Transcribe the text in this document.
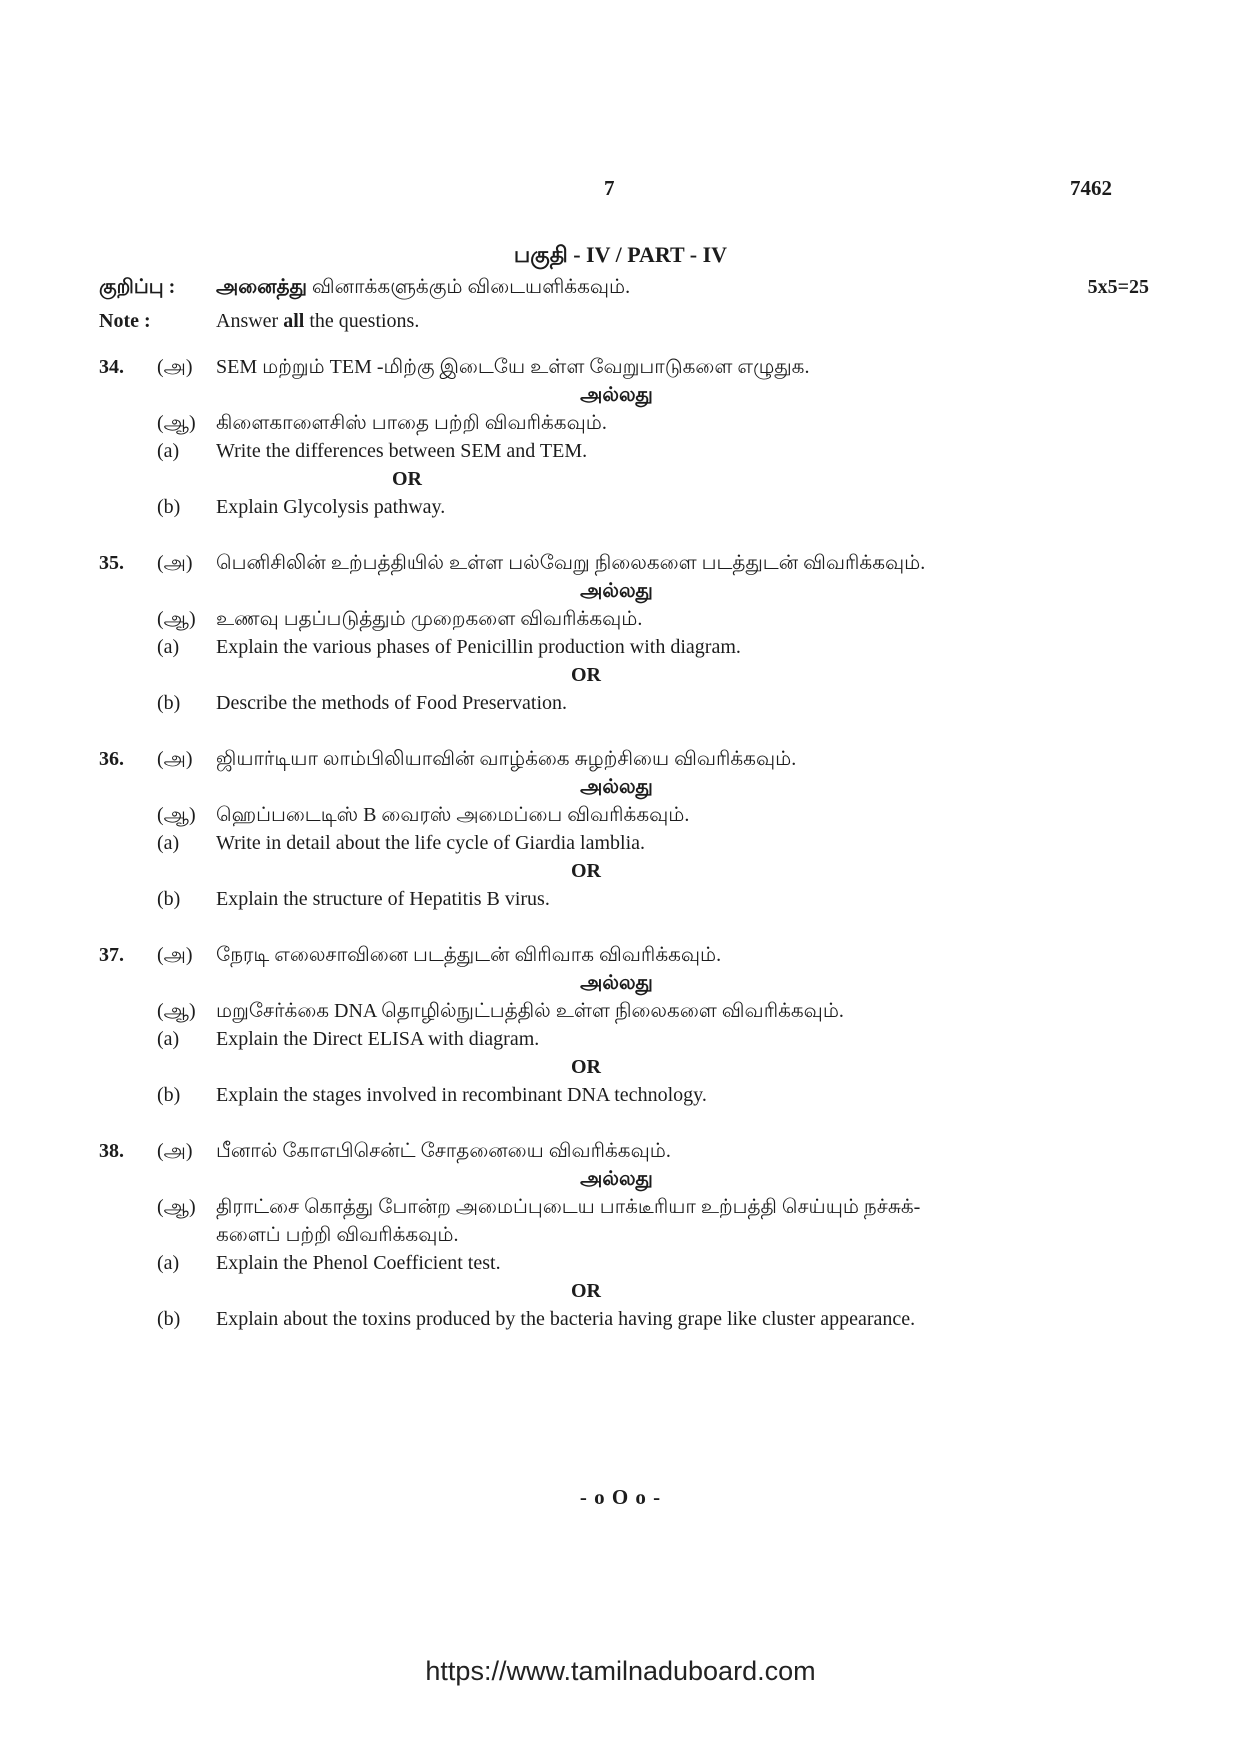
7	7462
பகுதி - IV / PART - IV
குறிப்பு : அனைத்து வினாக்களுக்கும் விடையளிக்கவும்.	5x5=25
Note :	Answer all the questions.
34. (அ) SEM மற்றும் TEM -மிற்கு இடையே உள்ள வேறுபாடுகளை எழுதுக.
அல்லது
(ஆ) கிளைகாளைசிஸ் பாதை பற்றி விவரிக்கவும்.
(a) Write the differences between SEM and TEM.
OR
(b) Explain Glycolysis pathway.
35. (அ) பெனிசிலின் உற்பத்தியில் உள்ள பல்வேறு நிலைகளை படத்துடன் விவரிக்கவும்.
அல்லது
(ஆ) உணவு பதப்படுத்தும் முறைகளை விவரிக்கவும்.
(a) Explain the various phases of Penicillin production with diagram.
OR
(b) Describe the methods of Food Preservation.
36. (அ) ஜியார்டியா லாம்பிலியாவின் வாழ்க்கை சுழற்சியை விவரிக்கவும்.
அல்லது
(ஆ) ஹெப்படைடிஸ் B வைரஸ் அமைப்பை விவரிக்கவும்.
(a) Write in detail about the life cycle of Giardia lamblia.
OR
(b) Explain the structure of Hepatitis B virus.
37. (அ) நேரடி எலைசாவினை படத்துடன் விரிவாக விவரிக்கவும்.
அல்லது
(ஆ) மறுசேர்க்கை DNA தொழில்நுட்பத்தில் உள்ள நிலைகளை விவரிக்கவும்.
(a) Explain the Direct ELISA with diagram.
OR
(b) Explain the stages involved in recombinant DNA technology.
38. (அ) பீனால் கோஎபிசென்ட் சோதனையை விவரிக்கவும்.
அல்லது
(ஆ) திராட்சை கொத்து போன்ற அமைப்புடைய பாக்டீரியா உற்பத்தி செய்யும் நச்சுக்-
களைப் பற்றி விவரிக்கவும்.
(a) Explain the Phenol Coefficient test.
OR
(b) Explain about the toxins produced by the bacteria having grape like cluster appearance.
- o O o -
https://www.tamilnaduboard.com
